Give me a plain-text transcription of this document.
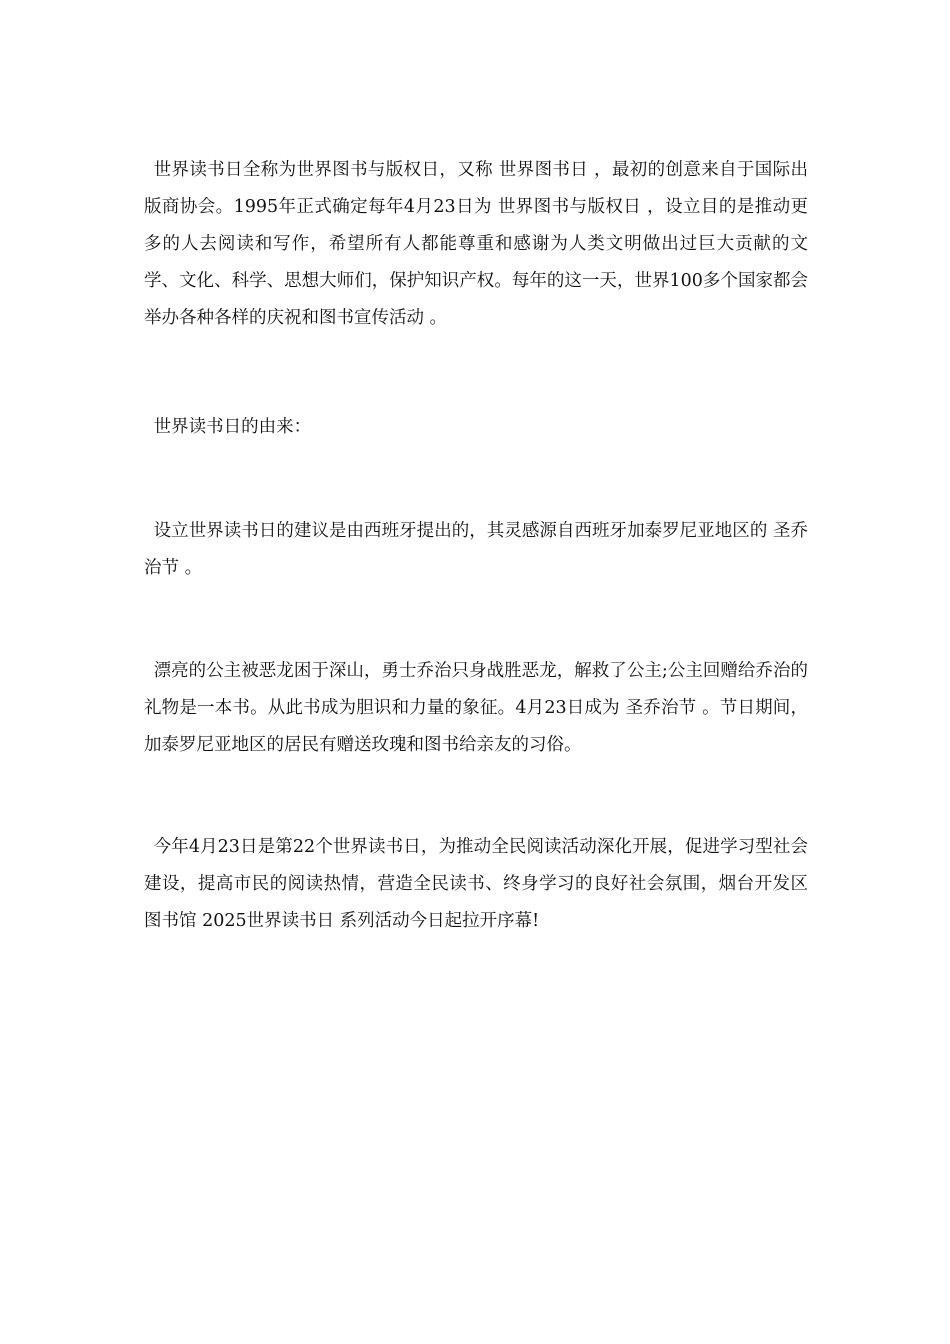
世界读书日全称为世界图书与版权日，又称 世界图书日 ，最初的创意来自于国际出版商协会。1995年正式确定每年4月23日为 世界图书与版权日 ，设立目的是推动更多的人去阅读和写作，希望所有人都能尊重和感谢为人类文明做出过巨大贡献的文学、文化、科学、思想大师们，保护知识产权。每年的这一天，世界100多个国家都会举办各种各样的庆祝和图书宣传活动 。

世界读书日的由来：

设立世界读书日的建议是由西班牙提出的，其灵感源自西班牙加泰罗尼亚地区的 圣乔治节 。

漂亮的公主被恶龙困于深山，勇士乔治只身战胜恶龙，解救了公主;公主回赠给乔治的礼物是一本书。从此书成为胆识和力量的象征。4月23日成为 圣乔治节 。节日期间，加泰罗尼亚地区的居民有赠送玫瑰和图书给亲友的习俗。

今年4月23日是第22个世界读书日，为推动全民阅读活动深化开展，促进学习型社会建设，提高市民的阅读热情，营造全民读书、终身学习的良好社会氛围，烟台开发区图书馆 2025世界读书日 系列活动今日起拉开序幕!
